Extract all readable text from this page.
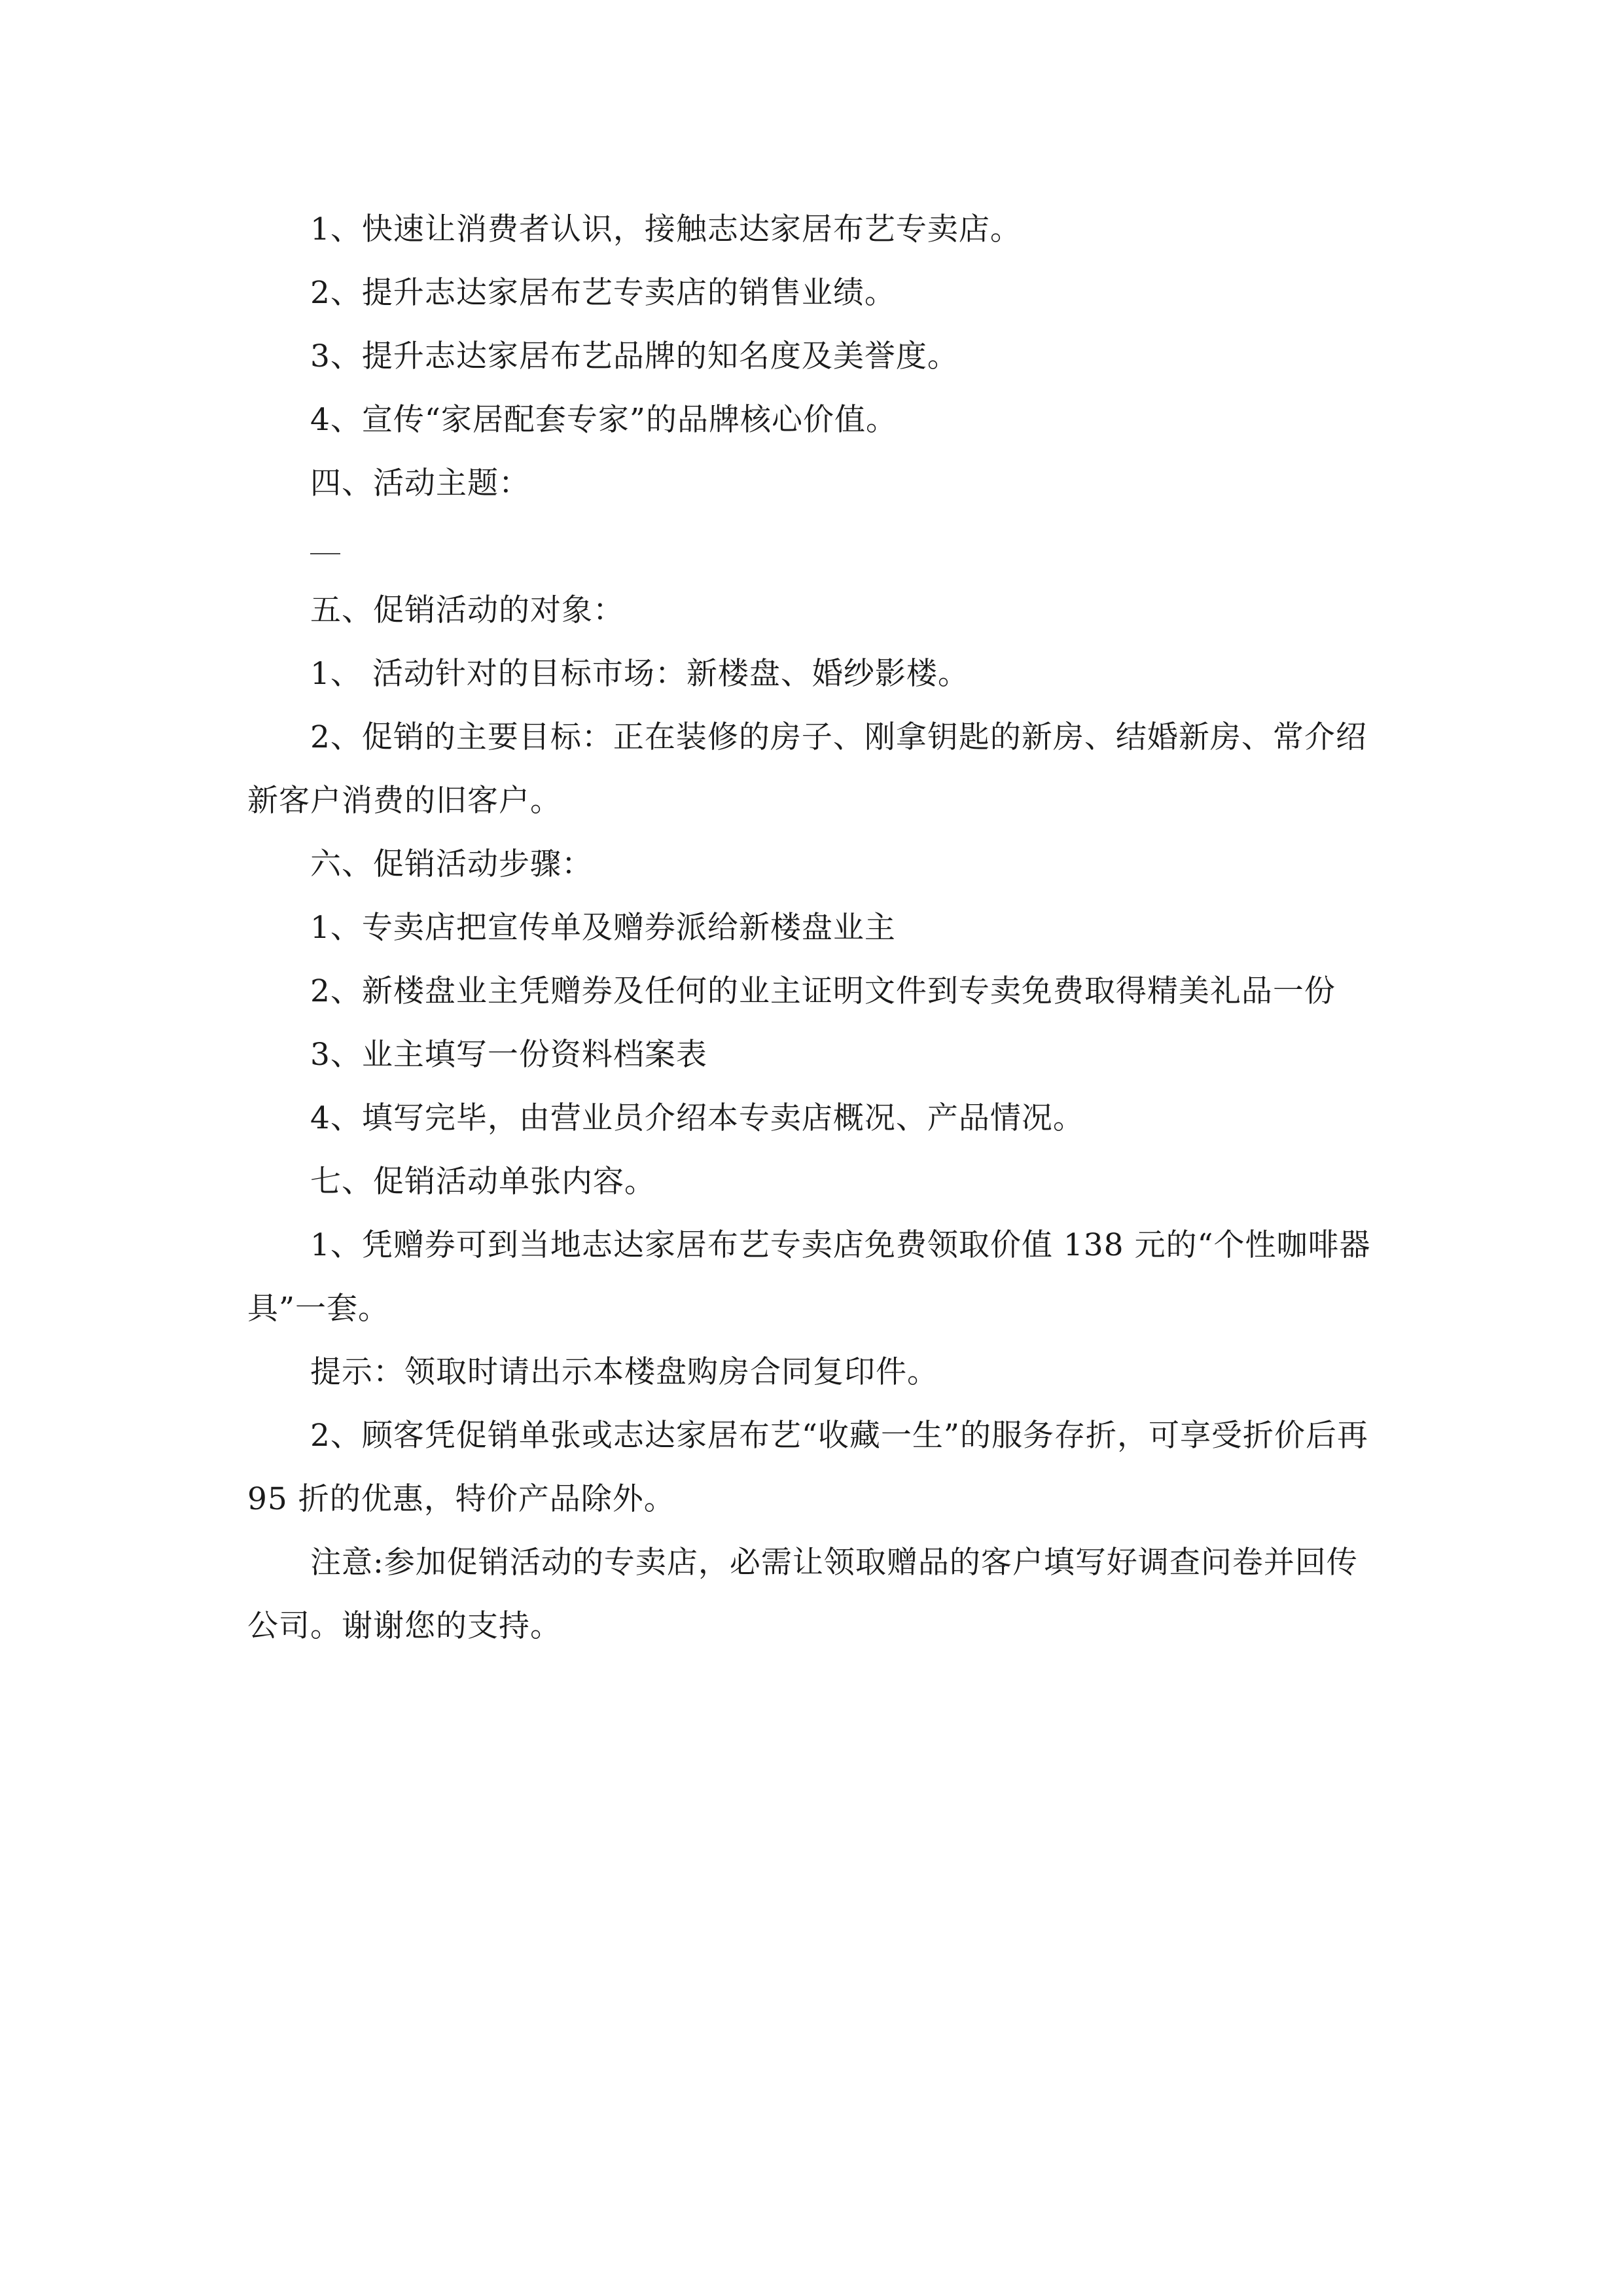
1、快速让消费者认识，接触志达家居布艺专卖店。

2、提升志达家居布艺专卖店的销售业绩。

3、提升志达家居布艺品牌的知名度及美誉度。

4、宣传“家居配套专家”的品牌核心价值。

四、活动主题：

五、促销活动的对象：

1、 活动针对的目标市场：新楼盘、婚纱影楼。

2、促销的主要目标：正在装修的房子、刚拿钥匙的新房、结婚新房、常介绍新客户消费的旧客户。

六、促销活动步骤：

1、专卖店把宣传单及赠券派给新楼盘业主

2、新楼盘业主凭赠券及任何的业主证明文件到专卖免费取得精美礼品一份

3、业主填写一份资料档案表

4、填写完毕，由营业员介绍本专卖店概况、产品情况。

七、促销活动单张内容。

1、凭赠券可到当地志达家居布艺专卖店免费领取价值 138 元的“个性咖啡器具”一套。

提示：领取时请出示本楼盘购房合同复印件。

2、顾客凭促销单张或志达家居布艺“收藏一生”的服务存折，可享受折价后再 95 折的优惠，特价产品除外。

注意:参加促销活动的专卖店，必需让领取赠品的客户填写好调查问卷并回传公司。谢谢您的支持。
